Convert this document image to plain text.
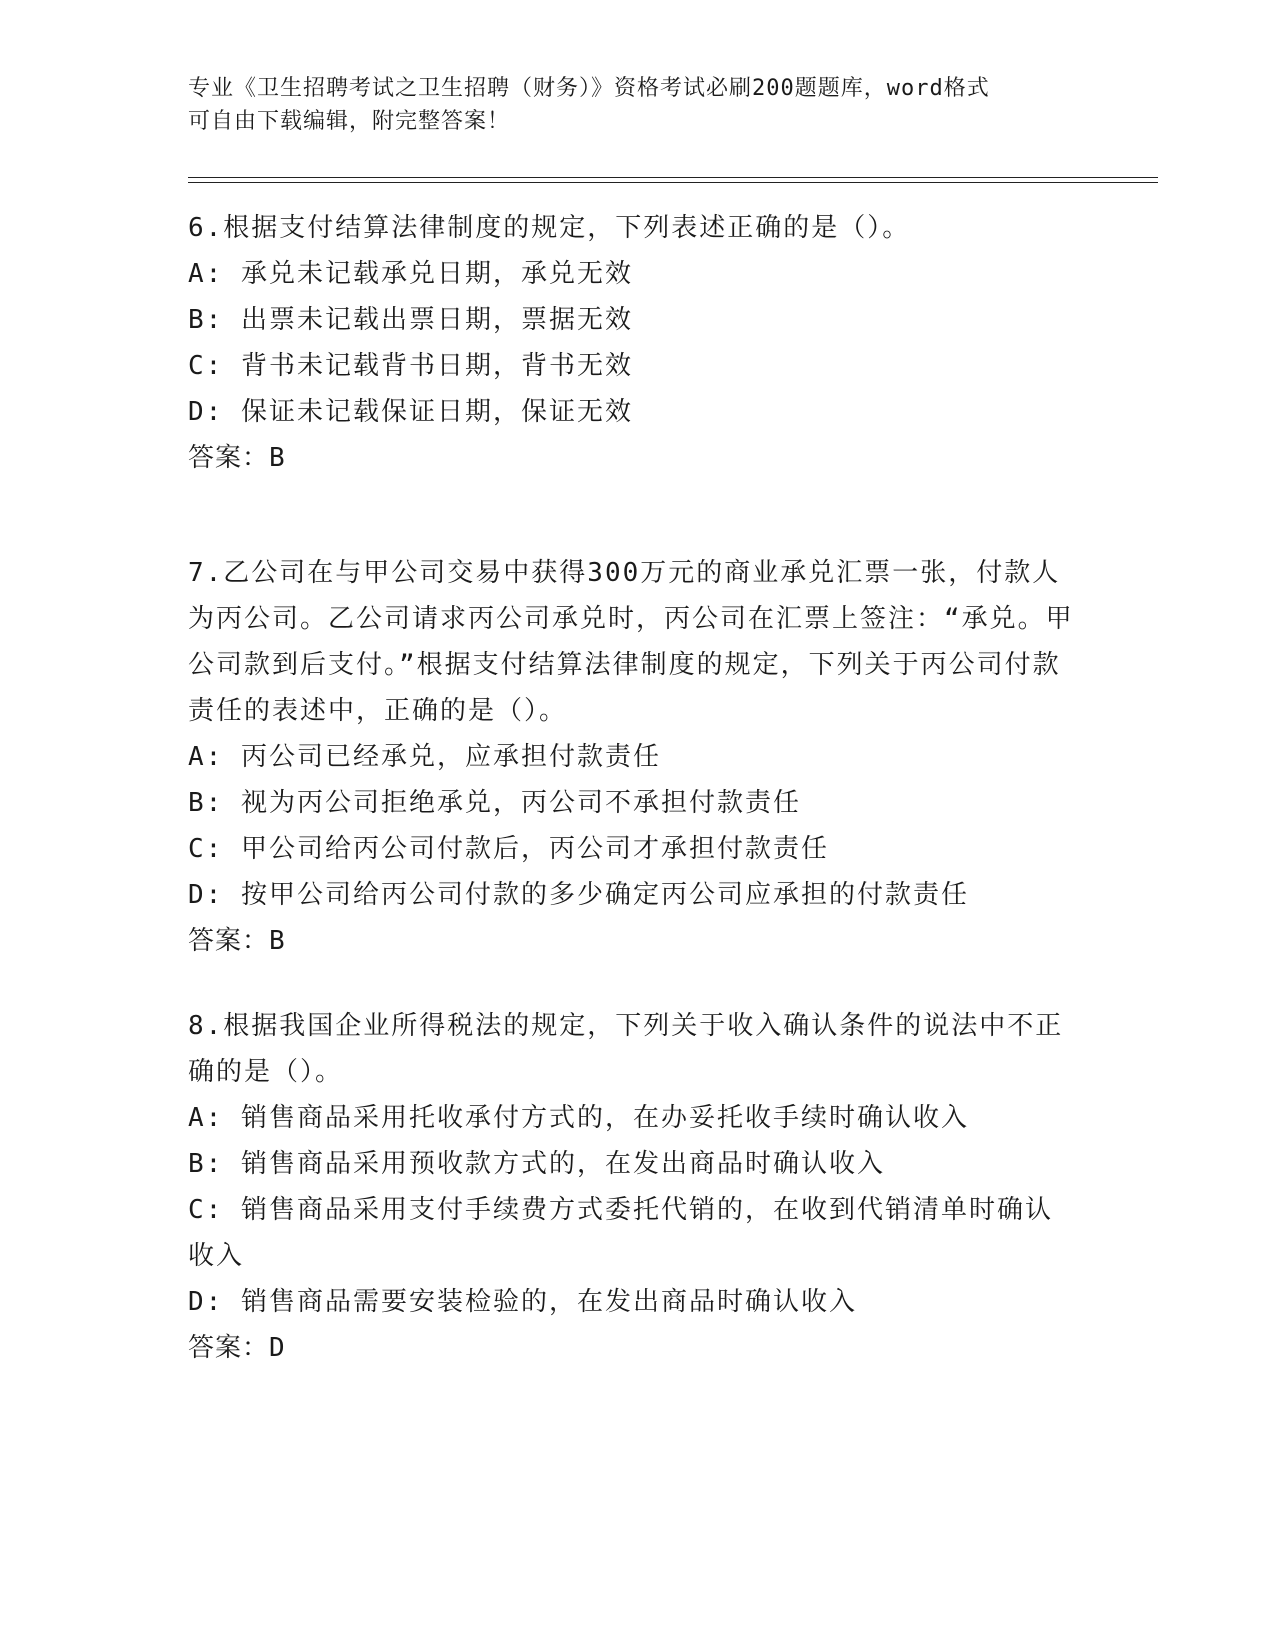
专业《卫生招聘考试之卫生招聘（财务）》资格考试必刷200题题库，word格式
可自由下载编辑，附完整答案！
6.根据支付结算法律制度的规定，下列表述正确的是（）。
A: 承兑未记载承兑日期，承兑无效
B: 出票未记载出票日期，票据无效
C: 背书未记载背书日期，背书无效
D: 保证未记载保证日期，保证无效
答案：B
7.乙公司在与甲公司交易中获得300万元的商业承兑汇票一张，付款人为丙公司。乙公司请求丙公司承兑时，丙公司在汇票上签注：“承兑。甲公司款到后支付。”根据支付结算法律制度的规定，下列关于丙公司付款责任的表述中，正确的是（）。
A: 丙公司已经承兑，应承担付款责任
B: 视为丙公司拒绝承兑，丙公司不承担付款责任
C: 甲公司给丙公司付款后，丙公司才承担付款责任
D: 按甲公司给丙公司付款的多少确定丙公司应承担的付款责任
答案：B
8.根据我国企业所得税法的规定，下列关于收入确认条件的说法中不正确的是（）。
A: 销售商品采用托收承付方式的，在办妥托收手续时确认收入
B: 销售商品采用预收款方式的，在发出商品时确认收入
C: 销售商品采用支付手续费方式委托代销的，在收到代销清单时确认收入
D: 销售商品需要安装检验的，在发出商品时确认收入
答案：D
